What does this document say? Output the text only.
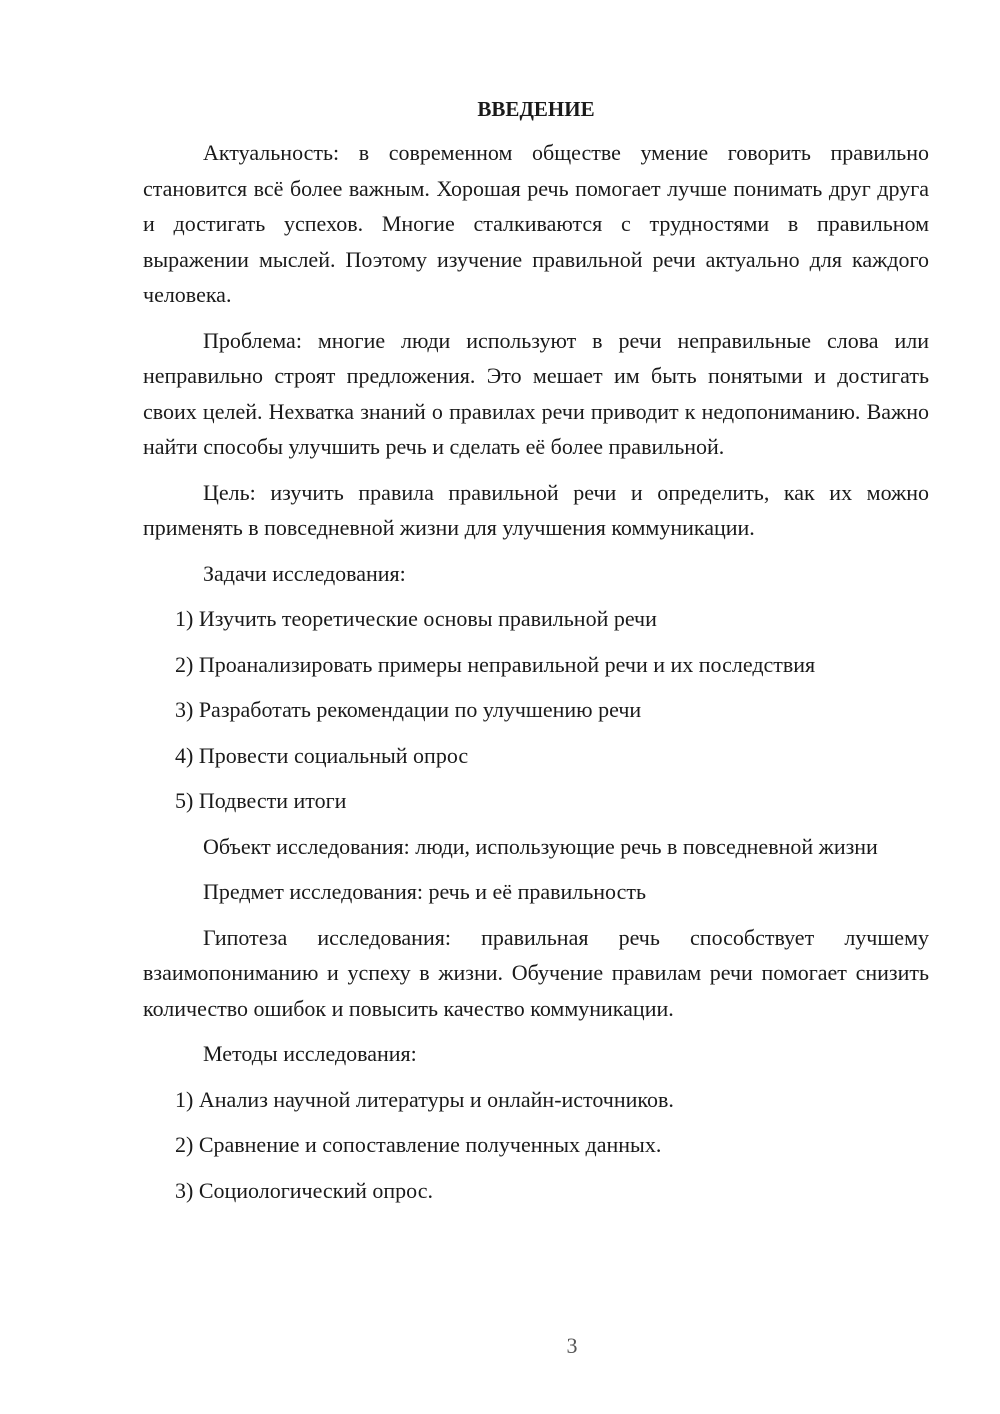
ВВЕДЕНИЕ

Актуальность: в современном обществе умение говорить правильно становится всё более важным. Хорошая речь помогает лучше понимать друг друга и достигать успехов. Многие сталкиваются с трудностями в правильном выражении мыслей. Поэтому изучение правильной речи актуально для каждого человека.

Проблема: многие люди используют в речи неправильные слова или неправильно строят предложения. Это мешает им быть понятыми и достигать своих целей. Нехватка знаний о правилах речи приводит к недопониманию. Важно найти способы улучшить речь и сделать её более правильной.

Цель: изучить правила правильной речи и определить, как их можно применять в повседневной жизни для улучшения коммуникации.

Задачи исследования:

1) Изучить теоретические основы правильной речи

2) Проанализировать примеры неправильной речи и их последствия

3) Разработать рекомендации по улучшению речи

4) Провести социальный опрос

5) Подвести итоги

Объект исследования: люди, использующие речь в повседневной жизни

Предмет исследования: речь и её правильность

Гипотеза исследования: правильная речь способствует лучшему взаимопониманию и успеху в жизни. Обучение правилам речи помогает снизить количество ошибок и повысить качество коммуникации.

Методы исследования:

1) Анализ научной литературы и онлайн-источников.

2) Сравнение и сопоставление полученных данных.

3) Социологический опрос.

3
